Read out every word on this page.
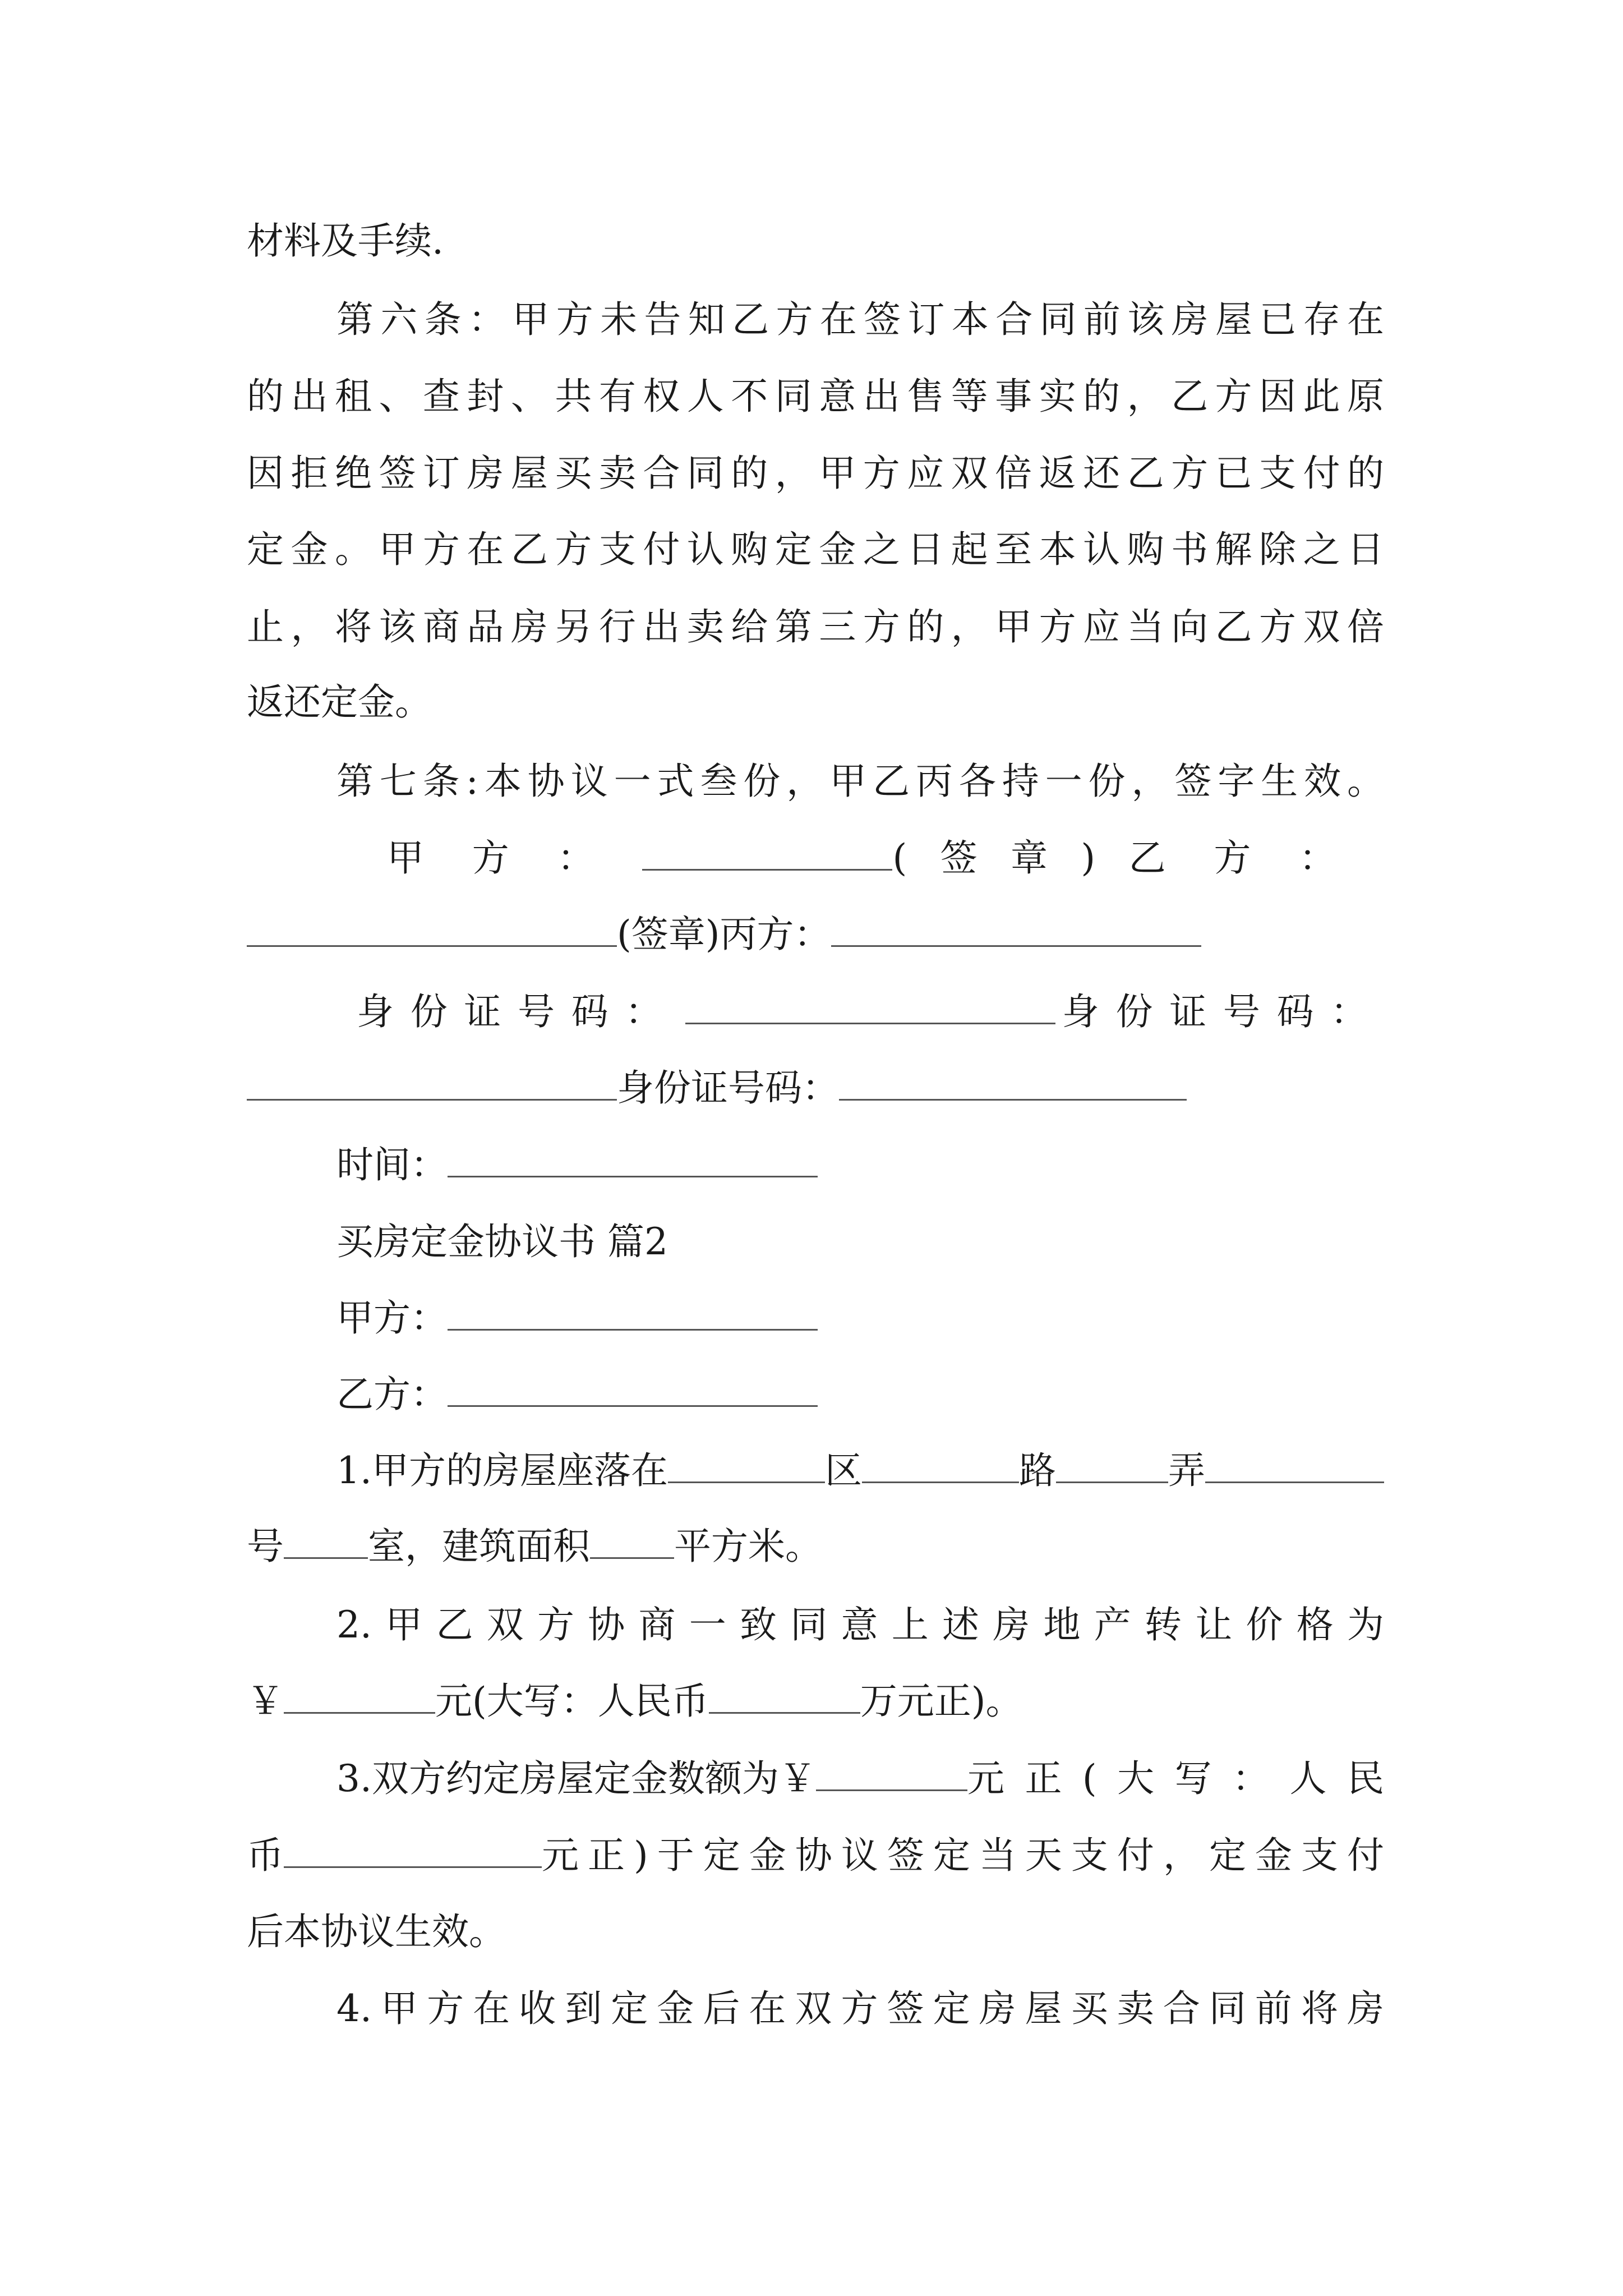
材料及手续.
第六条：甲方未告知乙方在签订本合同前该房屋已存在
的出租、查封、共有权人不同意出售等事实的，乙方因此原
因拒绝签订房屋买卖合同的，甲方应双倍返还乙方已支付的
定金。甲方在乙方支付认购定金之日起至本认购书解除之日
止，将该商品房另行出卖给第三方的，甲方应当向乙方双倍
返还定金。
第七条:本协议一式叁份，甲乙丙各持一份，签字生效。
甲方：	(签章) 乙方：
(签章)丙方：
身份证号码：	身份证号码：
身份证号码：
时间：
买房定金协议书 篇2
甲方：
乙方：
1.甲方的房屋座落在	区	路	弄
号 室，建筑面积 平方米。
2.甲乙双方协商一致同意上述房地产转让价格为
￥	元(大写：人民币	万元正)。
3.双方约定房屋定金数额为￥	元正(大写：人民
币	元正)于定金协议签定当天支付，定金支付
后本协议生效。
4.甲方在收到定金后在双方签定房屋买卖合同前将房
